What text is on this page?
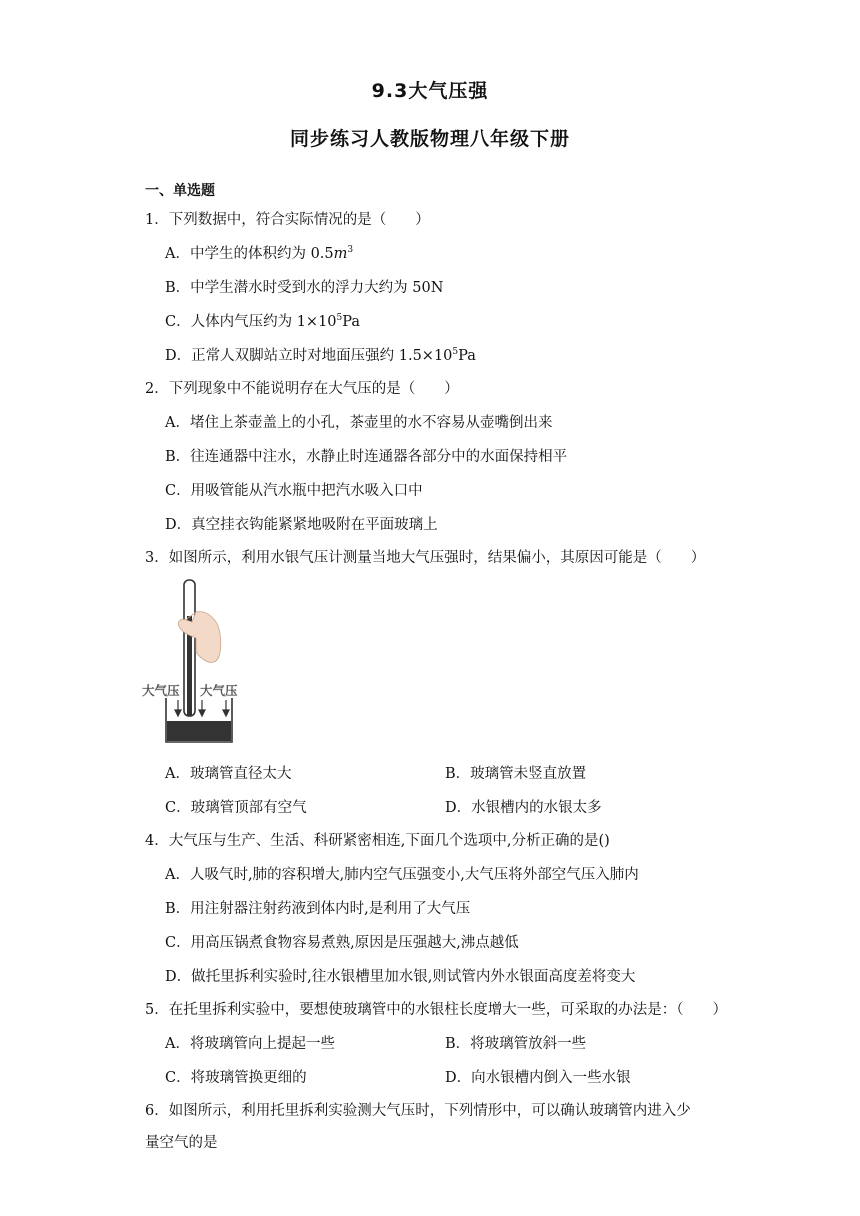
9.3大气压强
同步练习人教版物理八年级下册
一、单选题
1．下列数据中，符合实际情况的是（　　）
A．中学生的体积约为 $0.5m^3$
B．中学生潜水时受到水的浮力大约为 50N
C．人体内气压约为 $1\times 10^5Pa$
D．正常人双脚站立时对地面压强约 $1.5\times 10^5Pa$
2．下列现象中不能说明存在大气压的是（　　）
A．堵住上茶壶盖上的小孔，茶壶里的水不容易从壶嘴倒出来
B．往连通器中注水，水静止时连通器各部分中的水面保持相平
C．用吸管能从汽水瓶中把汽水吸入口中
D．真空挂衣钩能紧紧地吸附在平面玻璃上
3．如图所示，利用水银气压计测量当地大气压强时，结果偏小，其原因可能是（　　）
大气压 大气压
A．玻璃管直径太大	B．玻璃管未竖直放置
C．玻璃管顶部有空气	D．水银槽内的水银太多
4．大气压与生产、生活、科研紧密相连,下面几个选项中,分析正确的是()
A．人吸气时,肺的容积增大,肺内空气压强变小,大气压将外部空气压入肺内
B．用注射器注射药液到体内时,是利用了大气压
C．用高压锅煮食物容易煮熟,原因是压强越大,沸点越低
D．做托里拆利实验时,往水银槽里加水银,则试管内外水银面高度差将变大
5．在托里拆利实验中，要想使玻璃管中的水银柱长度增大一些，可采取的办法是：（　　）
A．将玻璃管向上提起一些	B．将玻璃管放斜一些
C．将玻璃管换更细的	D．向水银槽内倒入一些水银
6．如图所示，利用托里拆利实验测大气压时，下列情形中，可以确认玻璃管内进入少
量空气的是
